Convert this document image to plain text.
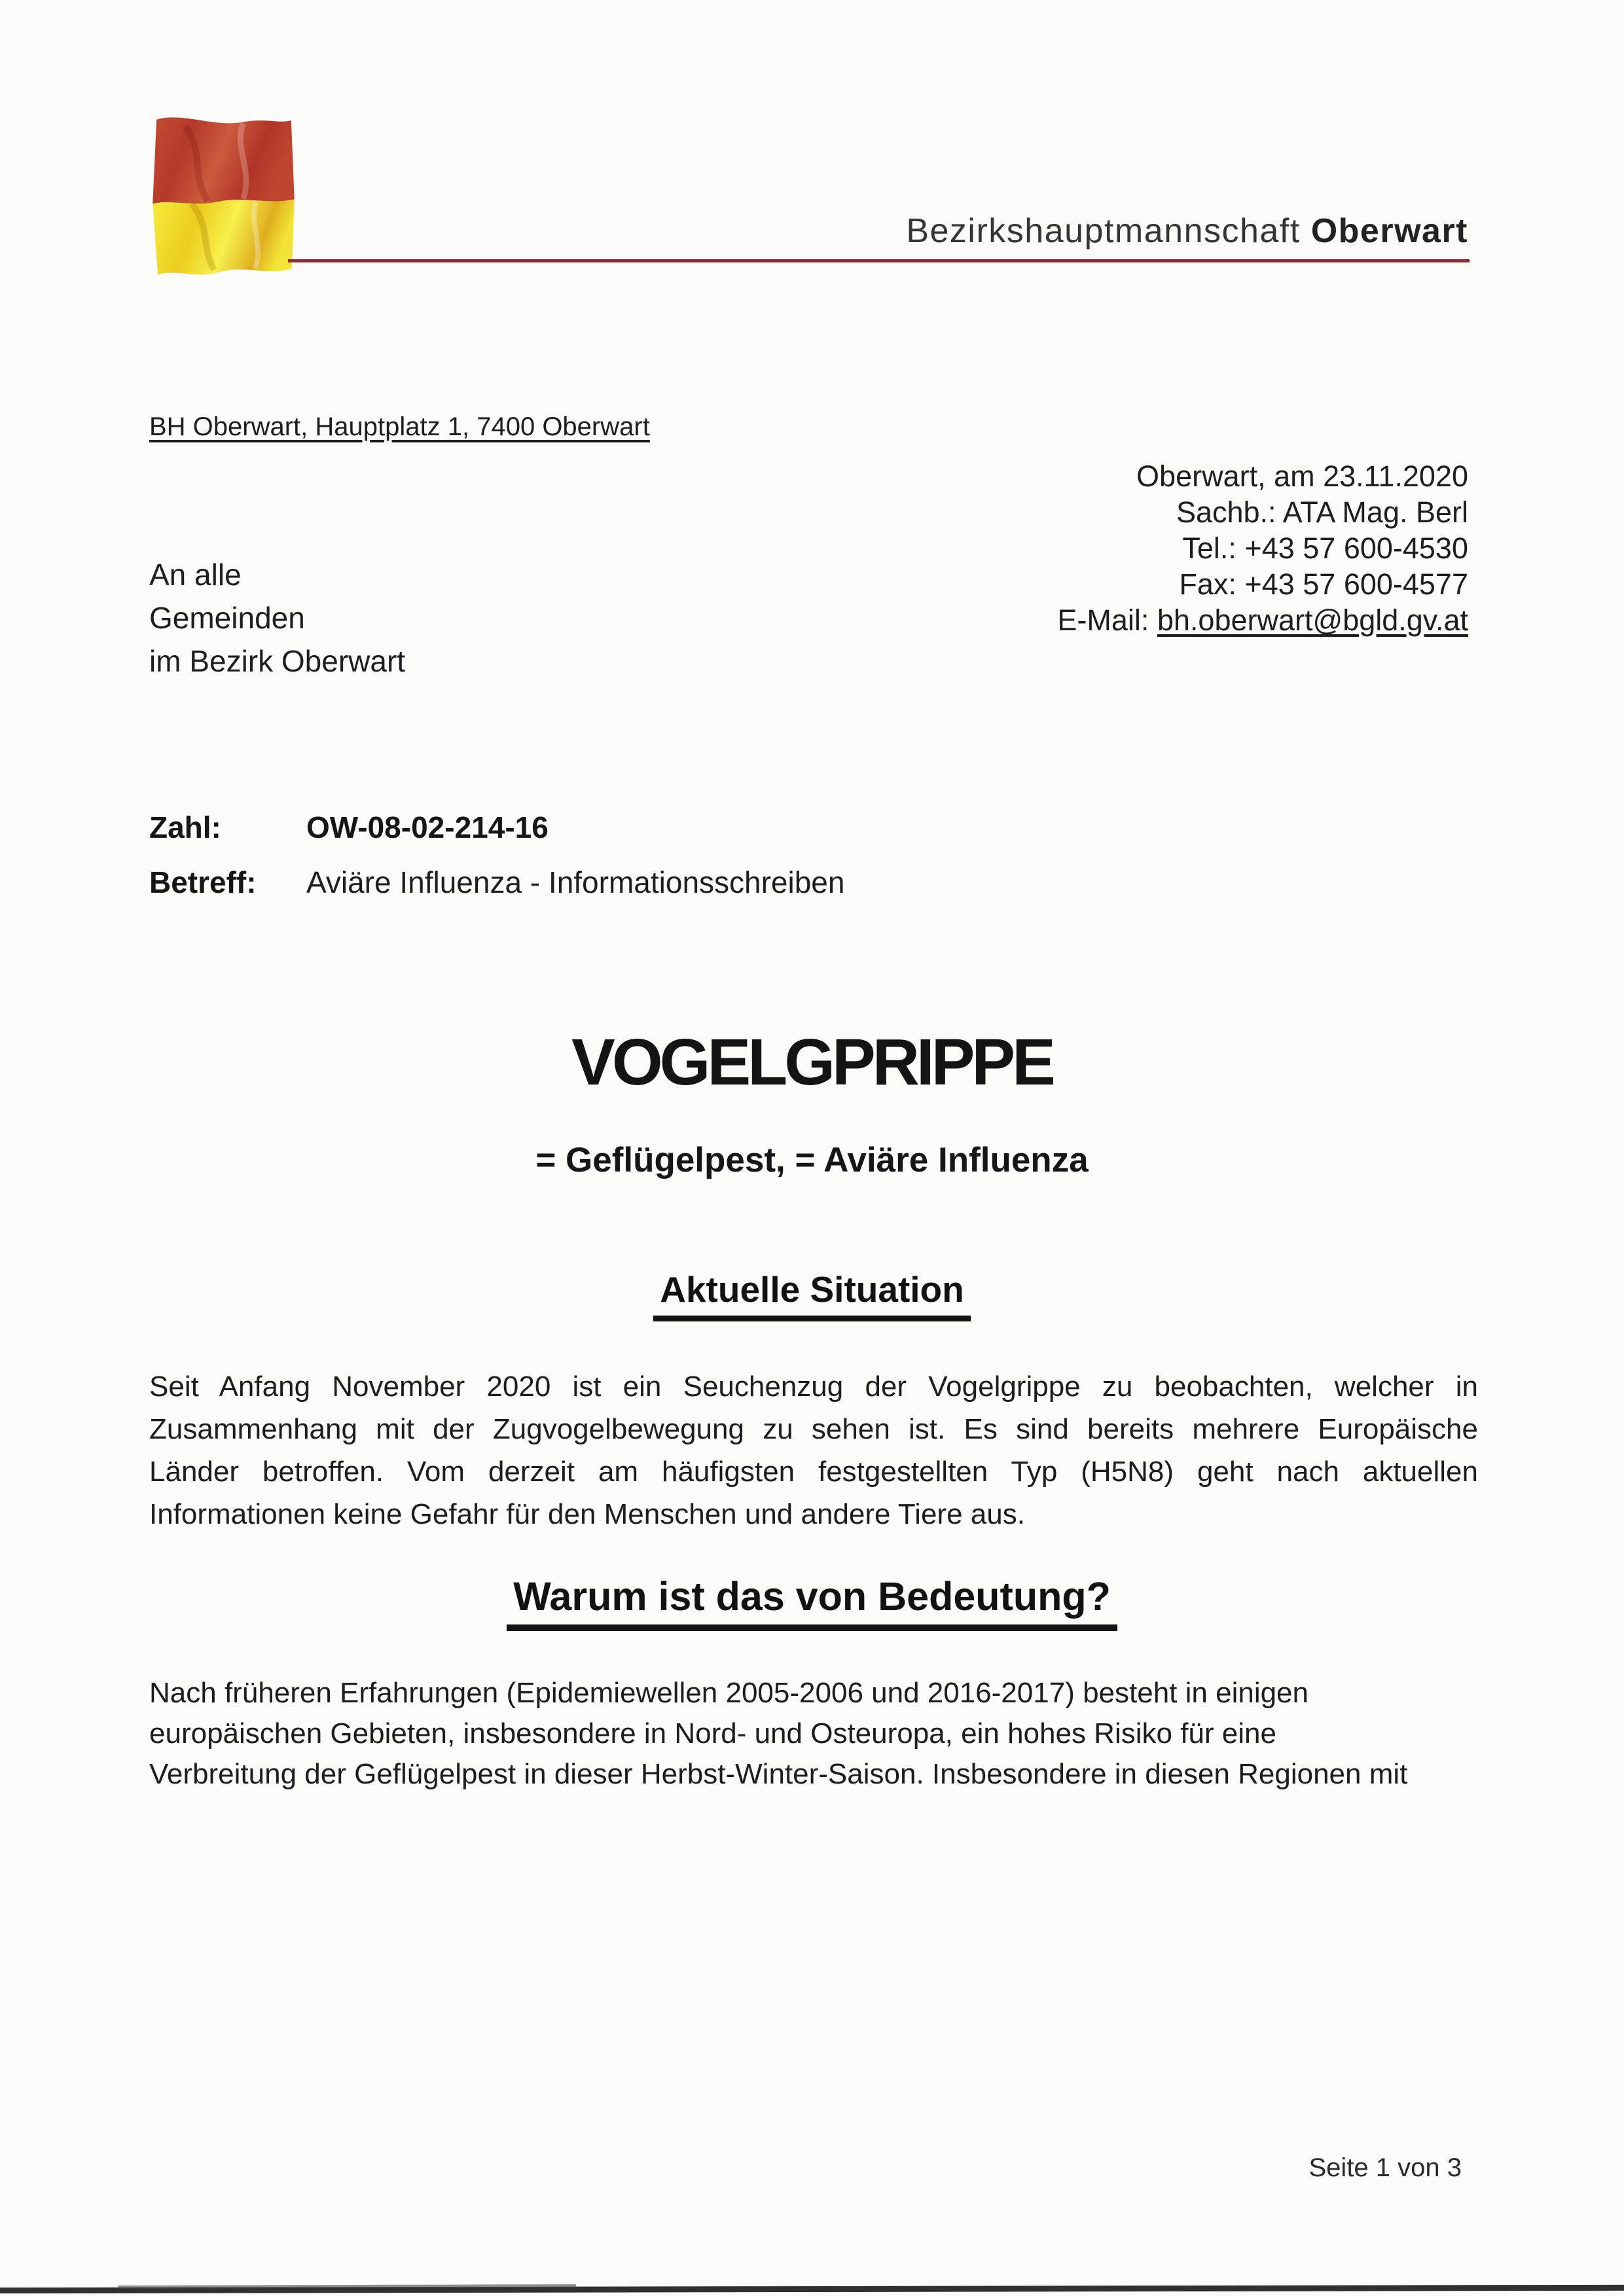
Bezirkshauptmannschaft Oberwart
BH Oberwart, Hauptplatz 1, 7400 Oberwart
Oberwart, am 23.11.2020
Sachb.: ATA Mag. Berl
Tel.: +43 57 600-4530
Fax: +43 57 600-4577
E-Mail: bh.oberwart@bgld.gv.at
An alle
Gemeinden
im Bezirk Oberwart
Zahl:	OW-08-02-214-16
Betreff:	Aviäre Influenza - Informationsschreiben
VOGELGPRIPPE
= Geflügelpest, = Aviäre Influenza
Aktuelle Situation
Seit Anfang November 2020 ist ein Seuchenzug der Vogelgrippe zu beobachten, welcher in
Zusammenhang mit der Zugvogelbewegung zu sehen ist. Es sind bereits mehrere Europäische
Länder betroffen. Vom derzeit am häufigsten festgestellten Typ (H5N8) geht nach aktuellen
Informationen keine Gefahr für den Menschen und andere Tiere aus.
Warum ist das von Bedeutung?
Nach früheren Erfahrungen (Epidemiewellen 2005-2006 und 2016-2017) besteht in einigen
europäischen Gebieten, insbesondere in Nord- und Osteuropa, ein hohes Risiko für eine
Verbreitung der Geflügelpest in dieser Herbst-Winter-Saison. Insbesondere in diesen Regionen mit
Seite 1 von 3
